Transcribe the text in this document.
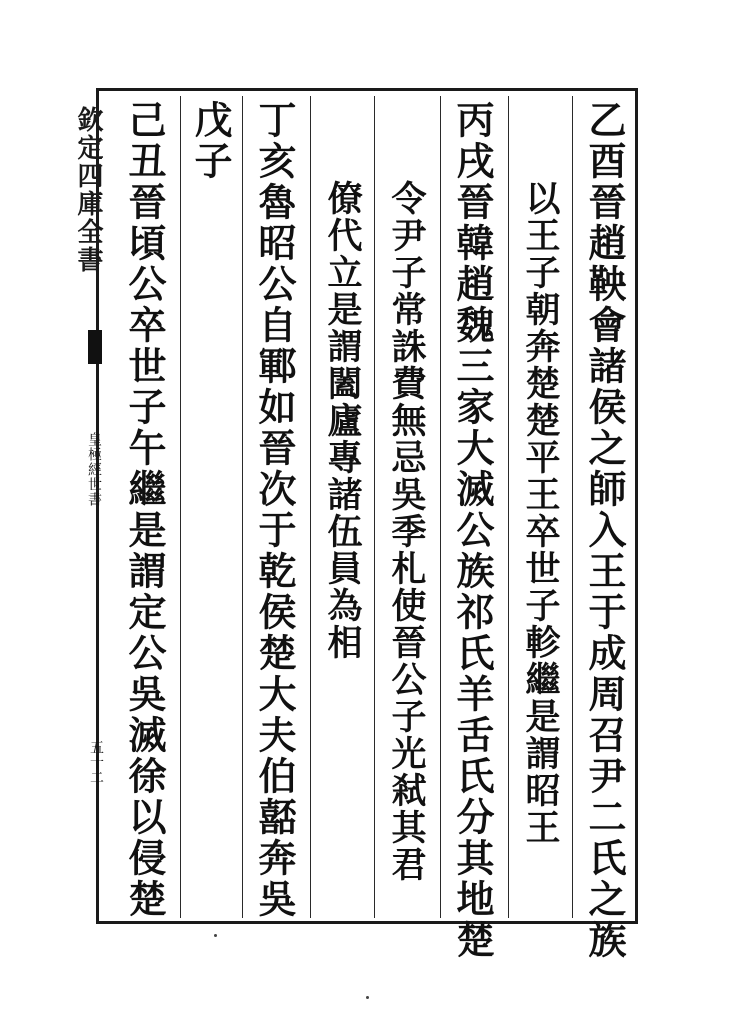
欽定四庫全書
皇極經世書
五十二	乙酉晉趙鞅會諸侯之師入王于成周召尹二氏之族
以王子朝奔楚楚平王卒世子軫繼是謂昭王
丙戌晉韓趙魏三家大滅公族祁氏羊舌氏分其地楚
令尹子常誅費無忌吳季札使晉公子光弒其君
僚代立是謂闔廬專諸伍員為相
丁亥魯昭公自鄆如晉次于乾侯楚大夫伯嚭奔吳
戊子
己丑晉頃公卒世子午繼是謂定公吳滅徐以侵楚
